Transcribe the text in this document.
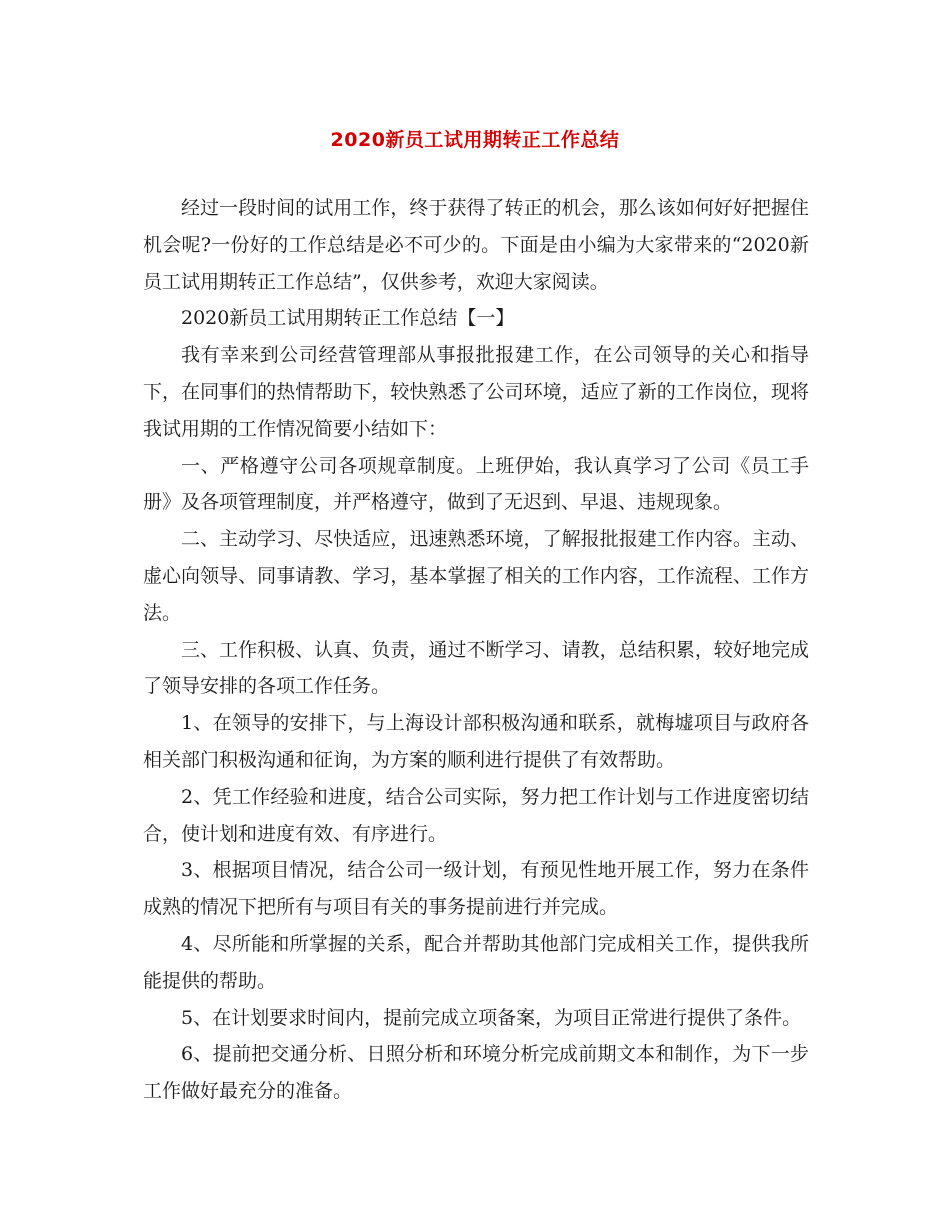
2020新员工试用期转正工作总结

经过一段时间的试用工作，终于获得了转正的机会，那么该如何好好把握住机会呢?一份好的工作总结是必不可少的。下面是由小编为大家带来的“2020新员工试用期转正工作总结”，仅供参考，欢迎大家阅读。

2020新员工试用期转正工作总结【一】

我有幸来到公司经营管理部从事报批报建工作，在公司领导的关心和指导下，在同事们的热情帮助下，较快熟悉了公司环境，适应了新的工作岗位，现将我试用期的工作情况简要小结如下：

一、严格遵守公司各项规章制度。上班伊始，我认真学习了公司《员工手册》及各项管理制度，并严格遵守，做到了无迟到、早退、违规现象。

二、主动学习、尽快适应，迅速熟悉环境，了解报批报建工作内容。主动、虚心向领导、同事请教、学习，基本掌握了相关的工作内容，工作流程、工作方法。

三、工作积极、认真、负责，通过不断学习、请教，总结积累，较好地完成了领导安排的各项工作任务。

1、在领导的安排下，与上海设计部积极沟通和联系，就梅墟项目与政府各相关部门积极沟通和征询，为方案的顺利进行提供了有效帮助。

2、凭工作经验和进度，结合公司实际，努力把工作计划与工作进度密切结合，使计划和进度有效、有序进行。

3、根据项目情况，结合公司一级计划，有预见性地开展工作，努力在条件成熟的情况下把所有与项目有关的事务提前进行并完成。

4、尽所能和所掌握的关系，配合并帮助其他部门完成相关工作，提供我所能提供的帮助。

5、在计划要求时间内，提前完成立项备案，为项目正常进行提供了条件。

6、提前把交通分析、日照分析和环境分析完成前期文本和制作，为下一步工作做好最充分的准备。
